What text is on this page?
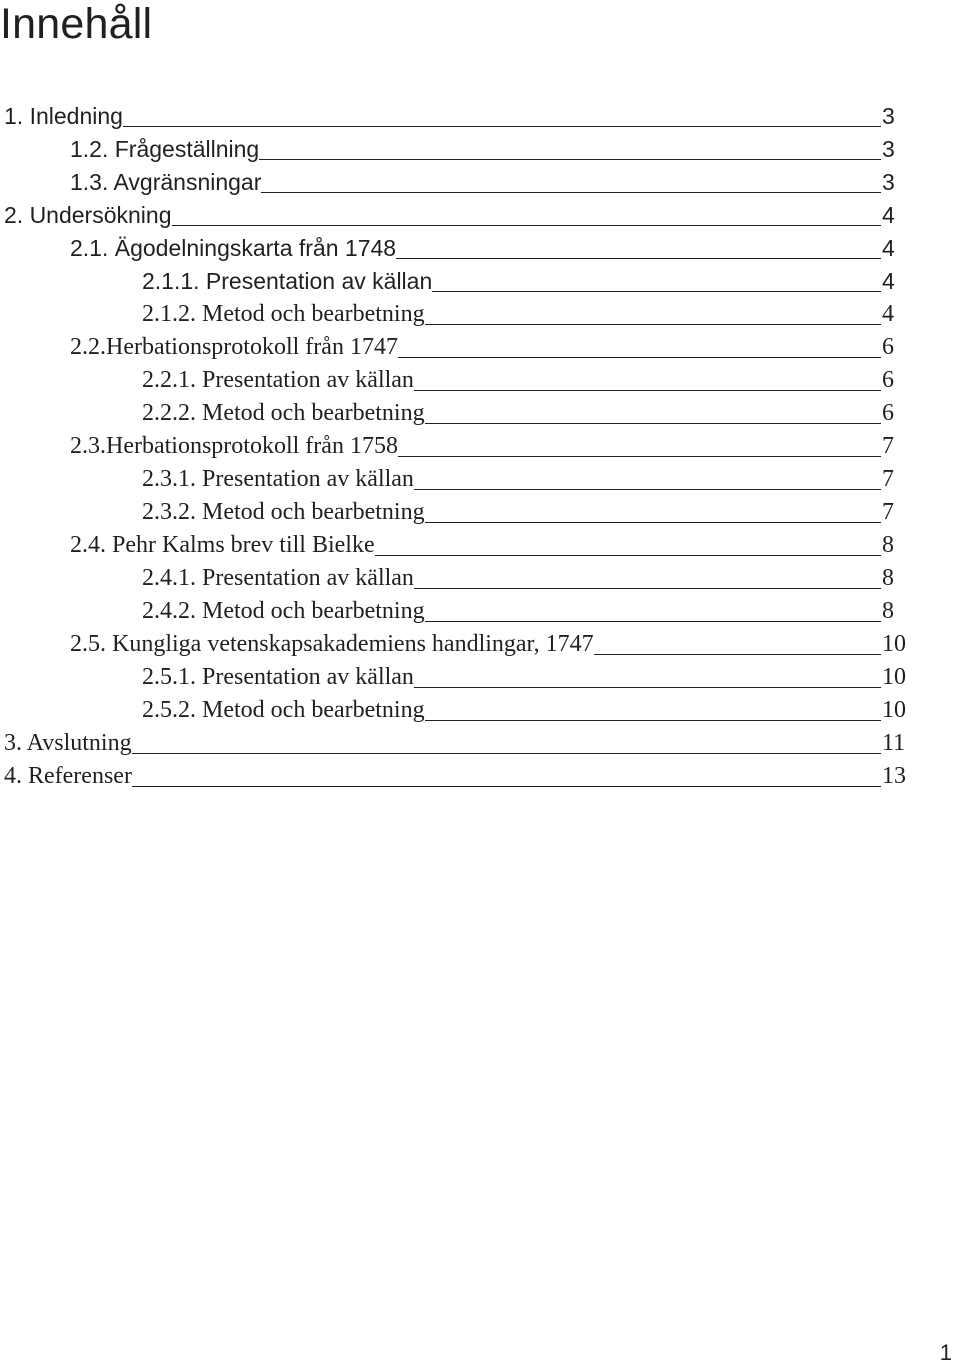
Innehåll
1. Inledning	3
1.2. Frågeställning	3
1.3. Avgränsningar	3
2. Undersökning	4
2.1. Ägodelningskarta från 1748	4
2.1.1. Presentation av källan	4
2.1.2. Metod och bearbetning	4
2.2.Herbationsprotokoll från 1747	6
2.2.1. Presentation av källan	6
2.2.2. Metod och bearbetning	6
2.3.Herbationsprotokoll från 1758	7
2.3.1. Presentation av källan	7
2.3.2. Metod och bearbetning	7
2.4. Pehr Kalms brev till Bielke	8
2.4.1. Presentation av källan	8
2.4.2. Metod och bearbetning	8
2.5. Kungliga vetenskapsakademiens handlingar, 1747	10
2.5.1. Presentation av källan	10
2.5.2. Metod och bearbetning	10
3. Avslutning	11
4. Referenser	13
1
